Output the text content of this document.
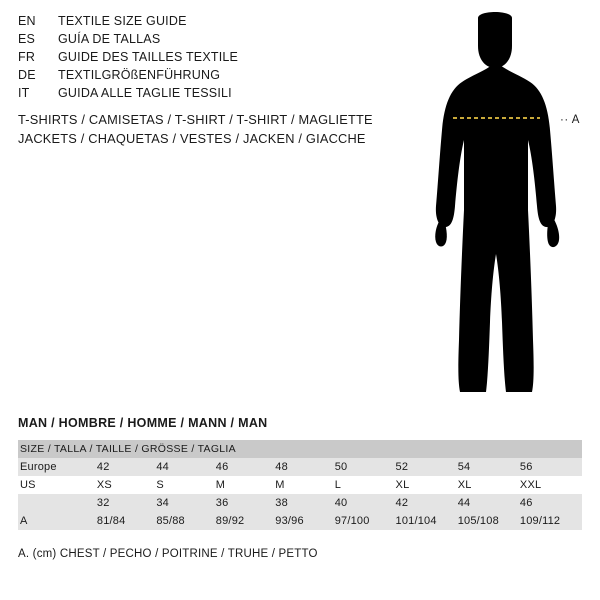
EN	TEXTILE SIZE GUIDE
ES	GUÍA DE TALLAS
FR	GUIDE DES TAILLES TEXTILE
DE	TEXTILGRÖßENFÜHRUNG
IT	GUIDA ALLE TAGLIE TESSILI
T-SHIRTS / CAMISETAS / T-SHIRT / T-SHIRT / MAGLIETTE
JACKETS / CHAQUETAS / VESTES / JACKEN / GIACCHE
·· A
MAN / HOMBRE / HOMME / MANN / MAN
SIZE / TALLA / TAILLE / GRÖSSE / TAGLIA								
Europe	42	44	46	48	50	52	54	56
US	XS	S	M	M	L	XL	XL	XXL
	32	34	36	38	40	42	44	46
A	81/84	85/88	89/92	93/96	97/100	101/104	105/108	109/112
A. (cm) CHEST / PECHO / POITRINE / TRUHE / PETTO
